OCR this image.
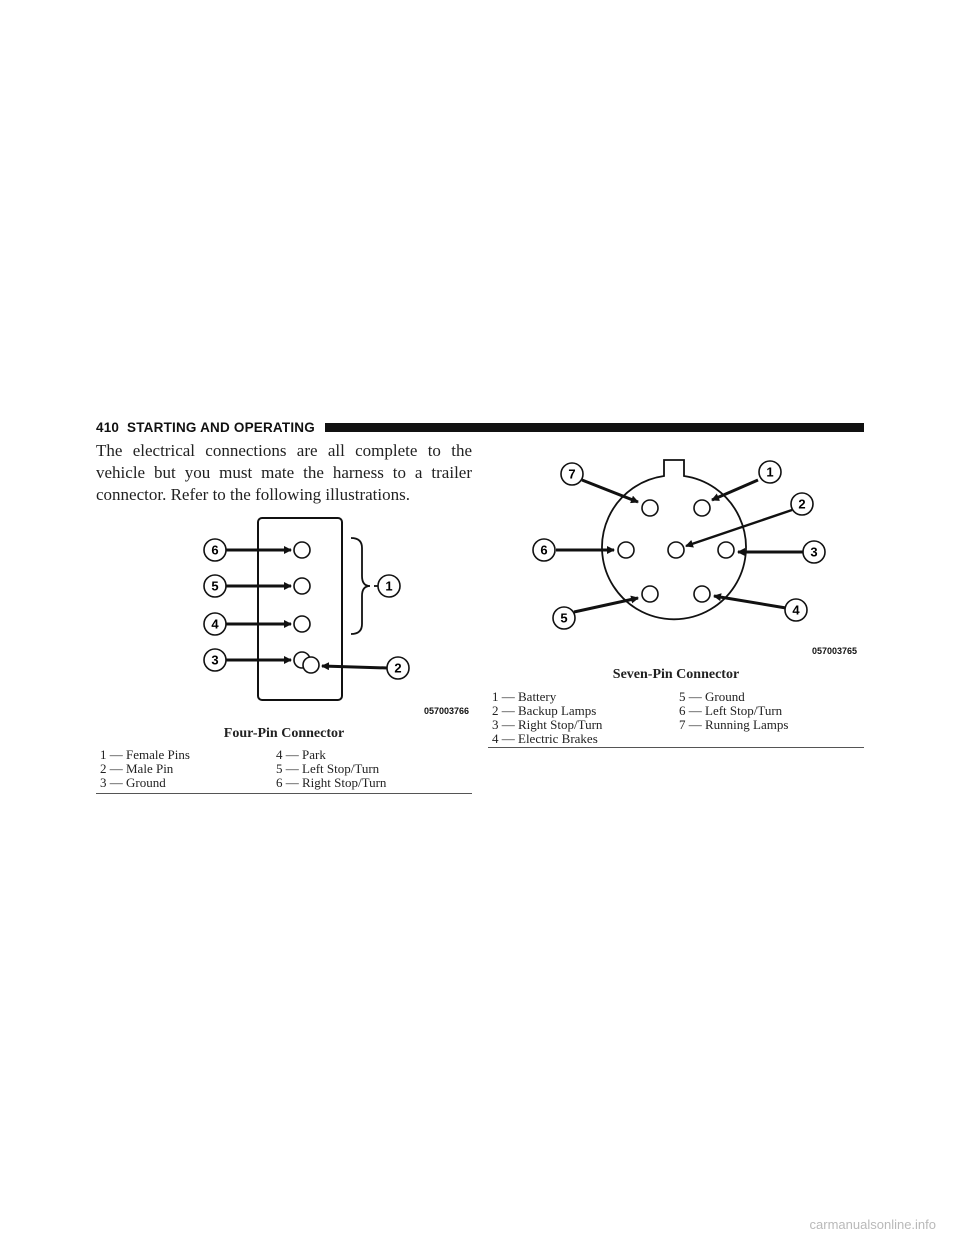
410 STARTING AND OPERATING
The electrical connections are all complete to the vehicle but you must mate the harness to a trailer connector. Refer to the following illustrations.
6
5
4
3
1
2
057003766
Four-Pin Connector
1 — Female Pins
2 — Male Pin
3 — Ground
4 — Park
5 — Left Stop/Turn
6 — Right Stop/Turn
7	1
2
6	3
5
4
057003765
Seven-Pin Connector
1 — Battery
2 — Backup Lamps
3 — Right Stop/Turn
4 — Electric Brakes
5 — Ground
6 — Left Stop/Turn
7 — Running Lamps
carmanualsonline.info
